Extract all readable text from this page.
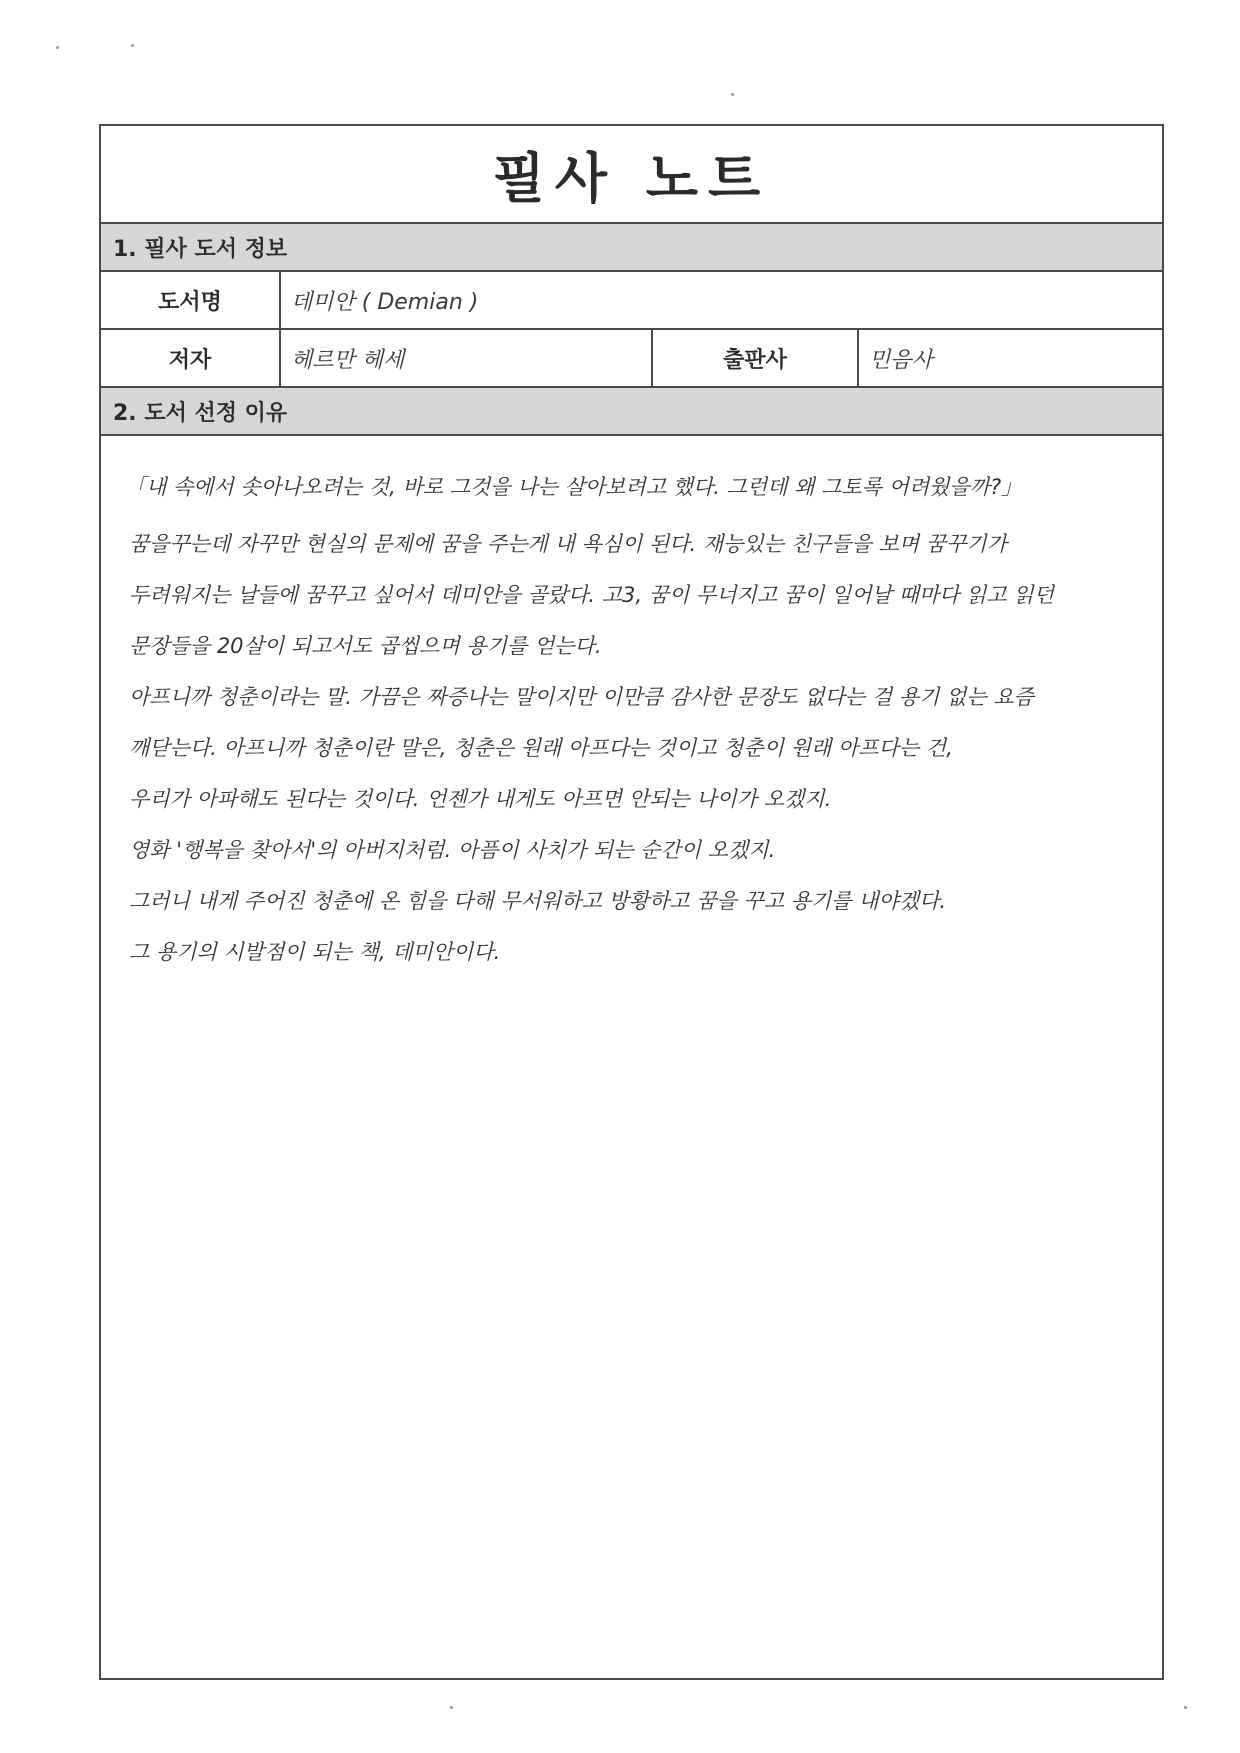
필사 노트
1. 필사 도서 정보
도서명	데미안 ( Demian )
저자	헤르만 헤세	출판사	민음사
2. 도서 선정 이유

「내 속에서 솟아나오려는 것, 바로 그것을 나는 살아보려고 했다. 그런데 왜 그토록 어려웠을까?」

꿈을꾸는데 자꾸만 현실의 문제에 꿈을 주는게 내 욕심이 된다. 재능있는 친구들을 보며 꿈꾸기가

두려워지는 날들에 꿈꾸고 싶어서 데미안을 골랐다. 고3, 꿈이 무너지고 꿈이 일어날 때마다 읽고 읽던

문장들을 20살이 되고서도 곱씹으며 용기를 얻는다.

아프니까 청춘이라는 말. 가끔은 짜증나는 말이지만 이만큼 감사한 문장도 없다는 걸 용기 없는 요즘

깨닫는다. 아프니까 청춘이란 말은, 청춘은 원래 아프다는 것이고 청춘이 원래 아프다는 건,

우리가 아파해도 된다는 것이다. 언젠가 내게도 아프면 안되는 나이가 오겠지.

영화 '행복을 찾아서'의 아버지처럼. 아픔이 사치가 되는 순간이 오겠지.

그러니 내게 주어진 청춘에 온 힘을 다해 무서워하고 방황하고 꿈을 꾸고 용기를 내야겠다.

그 용기의 시발점이 되는 책, 데미안이다.
